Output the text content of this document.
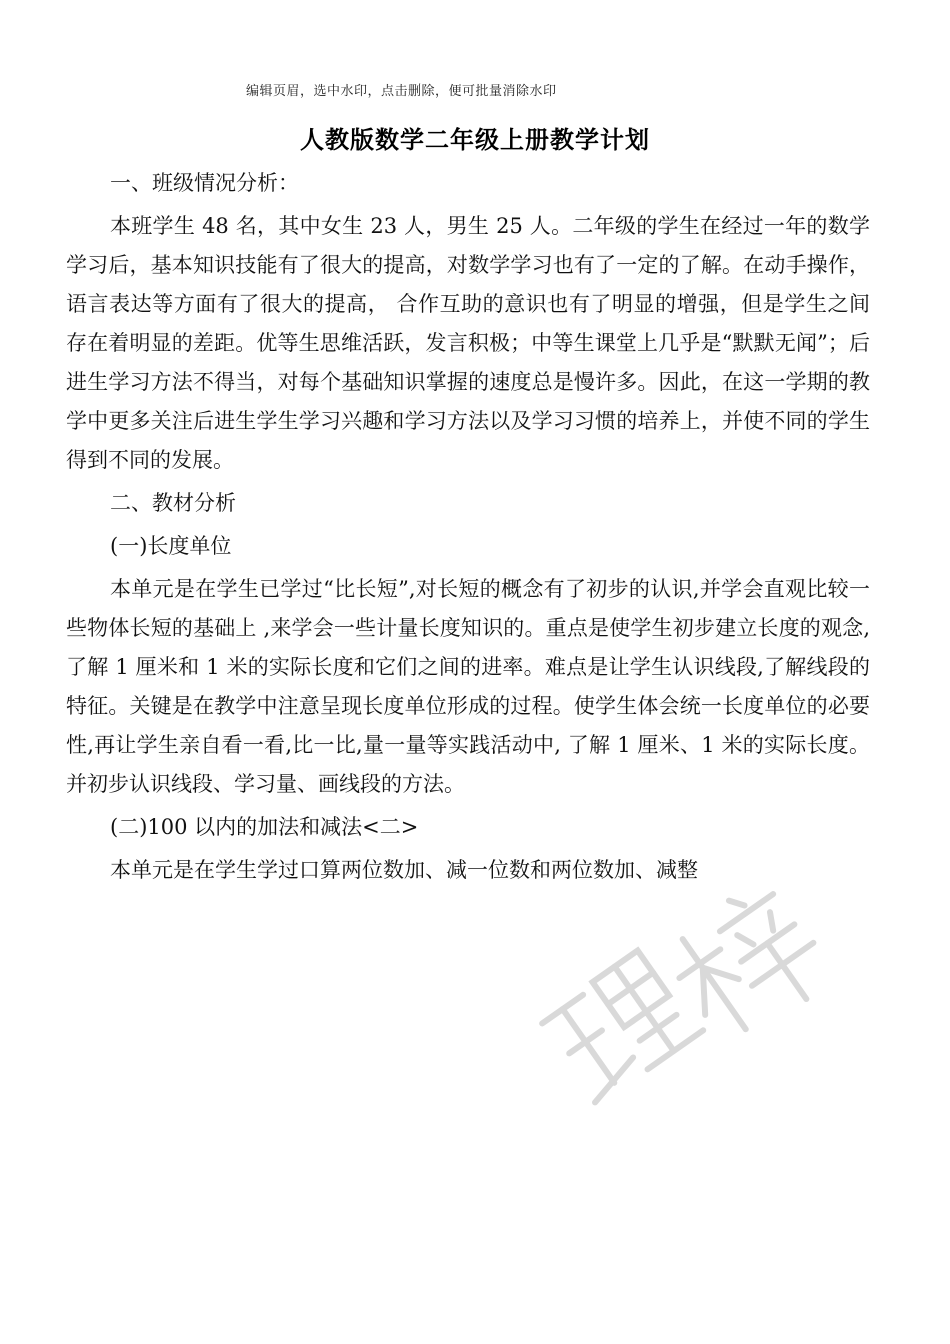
编辑页眉，选中水印，点击删除，便可批量消除水印
人教版数学二年级上册教学计划

一、班级情况分析：

本班学生 48 名，其中女生 23 人，男生 25 人。二年级的学生在经过一年的数学学习后，基本知识技能有了很大的提高，对数学学习也有了一定的了解。在动手操作，语言表达等方面有了很大的提高， 合作互助的意识也有了明显的增强，但是学生之间存在着明显的差距。优等生思维活跃，发言积极；中等生课堂上几乎是“默默无闻”；后进生学习方法不得当，对每个基础知识掌握的速度总是慢许多。因此，在这一学期的教学中更多关注后进生学生学习兴趣和学习方法以及学习习惯的培养上，并使不同的学生得到不同的发展。

二、教材分析

(一)长度单位

本单元是在学生已学过“比长短”,对长短的概念有了初步的认识,并学会直观比较一些物体长短的基础上 ,来学会一些计量长度知识的。重点是使学生初步建立长度的观念,了解 1 厘米和 1 米的实际长度和它们之间的进率。难点是让学生认识线段,了解线段的特征。关键是在教学中注意呈现长度单位形成的过程。使学生体会统一长度单位的必要性,再让学生亲自看一看,比一比,量一量等实践活动中, 了解 1 厘米、1 米的实际长度。并初步认识线段、学习量、画线段的方法。

(二)100 以内的加法和减法<二>

本单元是在学生学过口算两位数加、减一位数和两位数加、减整
